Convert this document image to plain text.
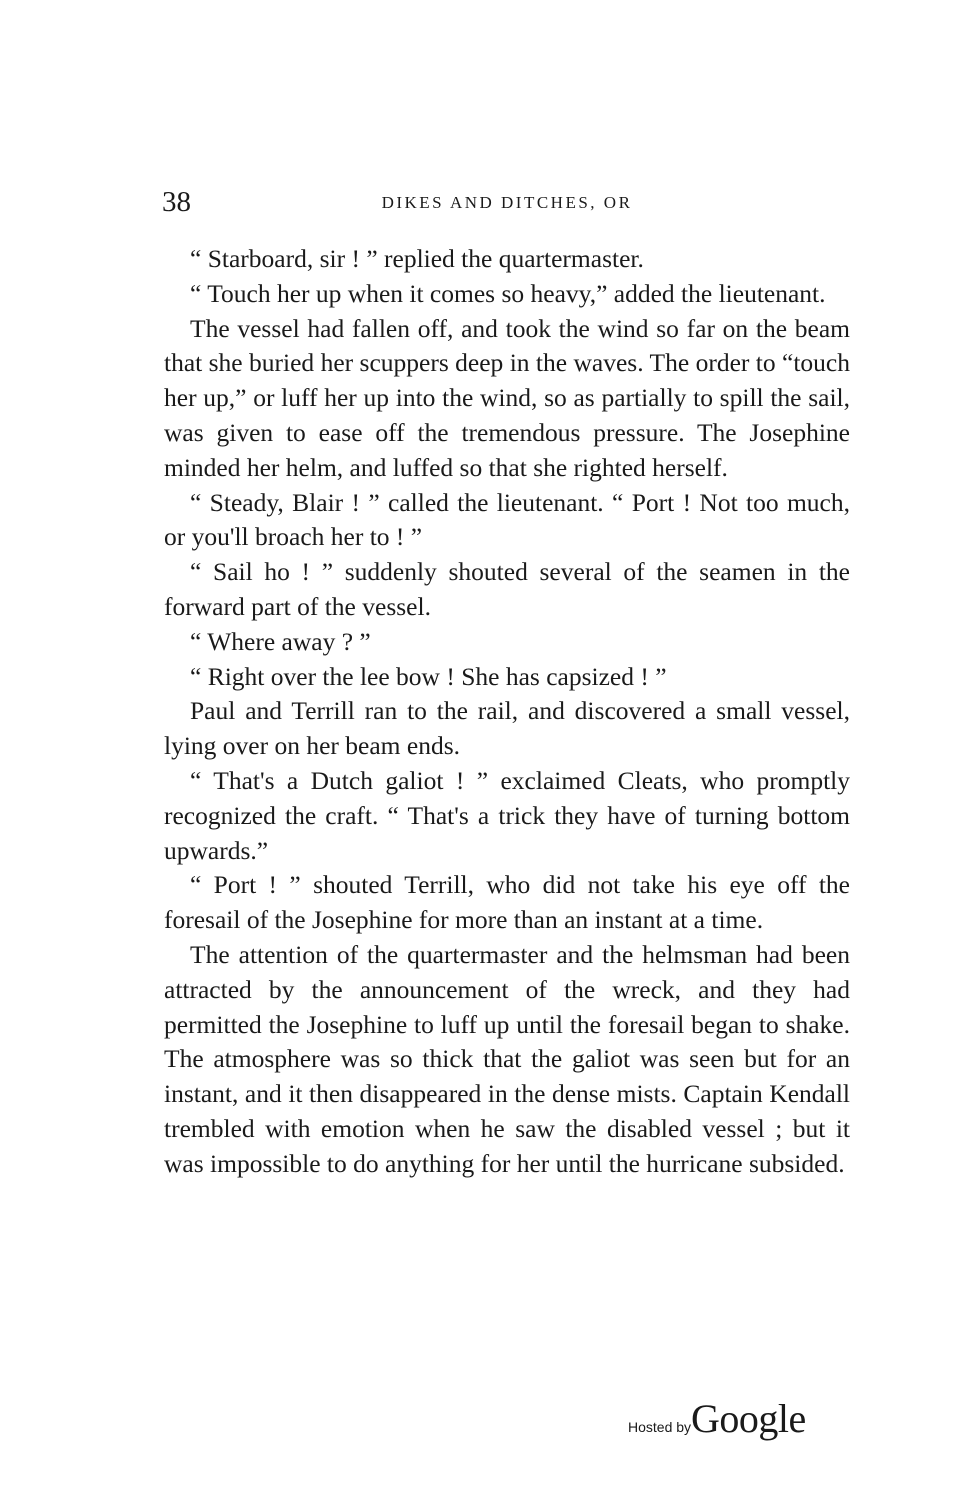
38	DIKES AND DITCHES, OR

“ Starboard, sir ! ” replied the quartermaster.

“ Touch her up when it comes so heavy,” added the lieutenant.

The vessel had fallen off, and took the wind so far on the beam that she buried her scuppers deep in the waves. The order to “touch her up,” or luff her up into the wind, so as partially to spill the sail, was given to ease off the tremendous pressure. The Josephine minded her helm, and luffed so that she righted herself.

“ Steady, Blair ! ” called the lieutenant. “ Port ! Not too much, or you'll broach her to ! ”

“ Sail ho ! ” suddenly shouted several of the seamen in the forward part of the vessel.

“ Where away ? ”

“ Right over the lee bow ! She has capsized ! ”

Paul and Terrill ran to the rail, and discovered a small vessel, lying over on her beam ends.

“ That's a Dutch galiot ! ” exclaimed Cleats, who promptly recognized the craft. “ That's a trick they have of turning bottom upwards.”

“ Port ! ” shouted Terrill, who did not take his eye off the foresail of the Josephine for more than an instant at a time.

The attention of the quartermaster and the helmsman had been attracted by the announcement of the wreck, and they had permitted the Josephine to luff up until the foresail began to shake. The atmosphere was so thick that the galiot was seen but for an instant, and it then disappeared in the dense mists. Captain Kendall trembled with emotion when he saw the disabled vessel ; but it was impossible to do anything for her until the hurricane subsided.

Hosted byGoogle
